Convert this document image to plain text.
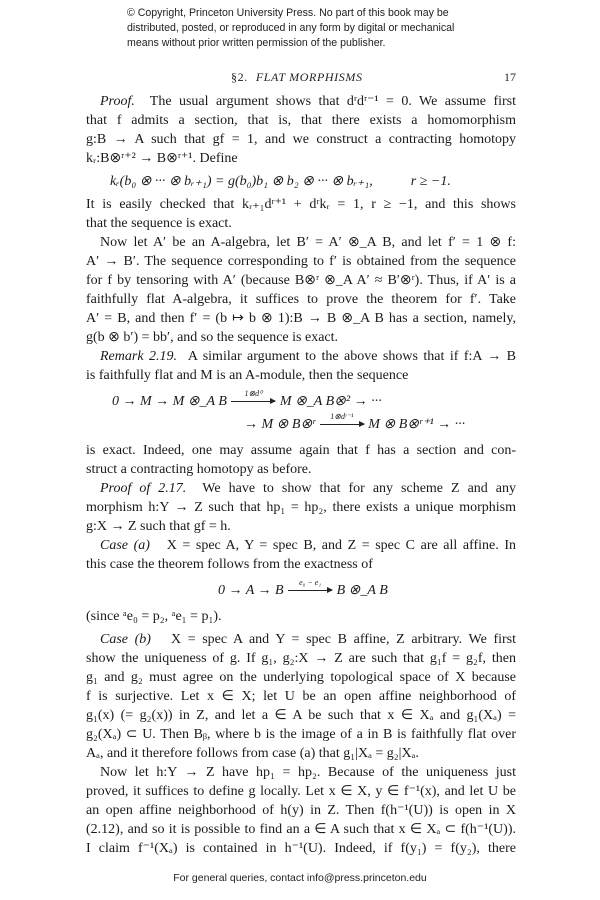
© Copyright, Princeton University Press. No part of this book may be
distributed, posted, or reproduced in any form by digital or mechanical
means without prior written permission of the publisher.
§2. FLAT MORPHISMS	17
Proof. The usual argument shows that dʳdʳ⁻¹ = 0. We assume first
that f admits a section, that is, that there exists a homomorphism
g:B → A such that gf = 1, and we construct a contracting homotopy
kᵣ:B⊗ʳ⁺² → B⊗ʳ⁺¹. Define
kᵣ(b₀ ⊗ ··· ⊗ bᵣ₊₁) = g(b₀)b₁ ⊗ b₂ ⊗ ··· ⊗ bᵣ₊₁,	r ≥ −1.
It is easily checked that kᵣ₊₁dʳ⁺¹ + dʳkᵣ = 1, r ≥ −1, and this shows
that the sequence is exact.
Now let A′ be an A-algebra, let B′ = A′ ⊗_A B, and let f′ = 1 ⊗ f:
A′ → B′. The sequence corresponding to f′ is obtained from the sequence
for f by tensoring with A′ (because B⊗ʳ ⊗_A A′ ≈ B′⊗ʳ). Thus, if A′ is a
faithfully flat A-algebra, it suffices to prove the theorem for f′. Take
A′ = B, and then f′ = (b ↦ b ⊗ 1):B → B ⊗_A B has a section, namely,
g(b ⊗ b′) = bb′, and so the sequence is exact.
Remark 2.19. A similar argument to the above shows that if f:A → B
is faithfully flat and M is an A-module, then the sequence
0 → M → M ⊗_A B
1⊗d⁰
M ⊗_A B⊗² → ···
→ M ⊗ B⊗ʳ
1⊗dʳ⁻¹
M ⊗ B⊗ʳ⁺¹ → ···
is exact. Indeed, one may assume again that f has a section and con-
struct a contracting homotopy as before.
Proof of 2.17. We have to show that for any scheme Z and any
morphism h:Y → Z such that hp₁ = hp₂, there exists a unique morphism
g:X → Z such that gf = h.
Case (a) X = spec A, Y = spec B, and Z = spec C are all affine. In
this case the theorem follows from the exactness of
0 → A → B
e₀ − e₁
B ⊗_A B
(since ᵃe₀ = p₂, ᵃe₁ = p₁).
Case (b) X = spec A and Y = spec B affine, Z arbitrary. We first
show the uniqueness of g. If g₁, g₂:X → Z are such that g₁f = g₂f, then
g₁ and g₂ must agree on the underlying topological space of X because
f is surjective. Let x ∈ X; let U be an open affine neighborhood of
g₁(x) (= g₂(x)) in Z, and let a ∈ A be such that x ∈ Xₐ and g₁(Xₐ) =
g₂(Xₐ) ⊂ U. Then Bᵦ, where b is the image of a in B is faithfully flat over
Aₐ, and it therefore follows from case (a) that g₁|Xₐ = g₂|Xₐ.
Now let h:Y → Z have hp₁ = hp₂. Because of the uniqueness just
proved, it suffices to define g locally. Let x ∈ X, y ∈ f⁻¹(x), and let U be
an open affine neighborhood of h(y) in Z. Then f(h⁻¹(U)) is open in X
(2.12), and so it is possible to find an a ∈ A such that x ∈ Xₐ ⊂ f(h⁻¹(U)).
I claim f⁻¹(Xₐ) is contained in h⁻¹(U). Indeed, if f(y₁) = f(y₂), there
For general queries, contact info@press.princeton.edu
